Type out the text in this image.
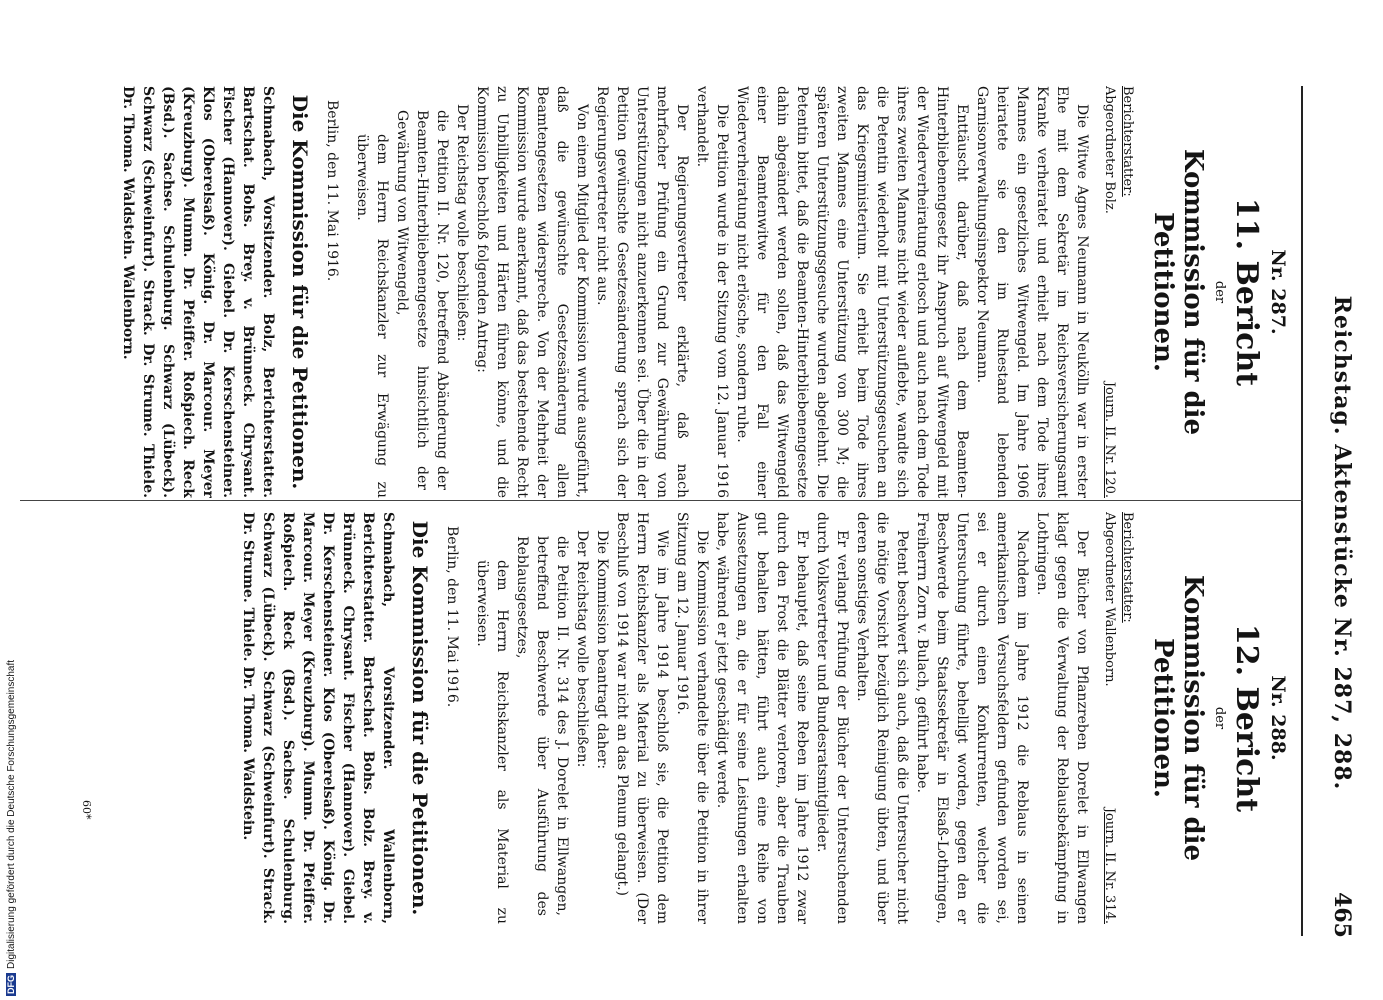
DFG
Digitalisierung gefördert durch die Deutsche Forschungsgemeinschaft
Reichstag. Aktenstücke Nr. 287, 288.
465
Nr. 287.
11. Bericht
der
Kommission für die Petitionen.
Berichterstatter:
Abgeordneter Bolz.
Journ. II. Nr. 120.

Die Witwe Agnes Neumann in Neukölln war in erster Ehe mit dem Sekretär im Reichsversicherungsamt Kranke verheiratet und erhielt nach dem Tode ihres Mannes ein gesetzliches Witwengeld. Im Jahre 1906 heiratete sie den im Ruhestand lebenden Garnisonverwaltungsinspektor Neumann.

Enttäuscht darüber, daß nach dem Beamten-Hinterbliebenengesetz ihr Anspruch auf Witwengeld mit der Wiederverheiratung erlosch und auch nach dem Tode ihres zweiten Mannes nicht wieder auflebte, wandte sich die Petentin wiederholt mit Unterstützungsgesuchen an das Kriegsministerium. Sie erhielt beim Tode ihres zweiten Mannes eine Unterstützung von 300 M; die späteren Unterstützungsgesuche wurden abgelehnt. Die Petentin bittet, daß die Beamten-Hinterbliebenengesetze dahin abgeändert werden sollen, daß das Witwengeld einer Beamtenwitwe für den Fall einer Wiederverheiratung nicht erlösche, sondern ruhe.

Die Petition wurde in der Sitzung vom 12. Januar 1916 verhandelt.

Der Regierungsvertreter erklärte, daß nach mehrfacher Prüfung ein Grund zur Gewährung von Unterstützungen nicht anzuerkennen sei. Über die in der Petition gewünschte Gesetzesänderung sprach sich der Regierungsvertreter nicht aus.

Von einem Mitglied der Kommission wurde ausgeführt, daß die gewünschte Gesetzesänderung allen Beamtengesetzen widerspreche. Von der Mehrheit der Kommission wurde anerkannt, daß das bestehende Recht zu Unbilligkeiten und Härten führen könne, und die Kommission beschloß folgenden Antrag:

Der Reichstag wolle beschließen:

die Petition II. Nr. 120, betreffend Abänderung der Beamten-Hinterbliebenengesetze hinsichtlich der Gewährung von Witwengeld,

dem Herrn Reichskanzler zur Erwägung zu überweisen.

Berlin, den 11. Mai 1916.
Die Kommission für die Petitionen.
Schmabach, Vorsitzender. Bolz, Berichterstatter. Bartschat. Bohs. Brey. v. Brünneck. Chrysant. Fischer (Hannover). Giebel. Dr. Kerschensteiner. Klos (Oberelsaß). König. Dr. Marcour. Meyer (Kreuzburg). Mumm. Dr. Pfeiffer. Roßpiech. Reck (Bsd.). Sachse. Schulenburg. Schwarz (Lübeck). Schwarz (Schweinfurt). Strack. Dr. Strume. Thiele. Dr. Thoma. Waldstein. Wallenborn.
Nr. 288.
12. Bericht
der
Kommission für die Petitionen.
Berichterstatter:
Abgeordneter Wallenborn.
Journ. II. Nr. 314.

Der Bücher von Pflanzreben Dorelet in Ellwangen klagt gegen die Verwaltung der Reblausbekämpfung in Lothringen.

Nachdem im Jahre 1912 die Reblaus in seinen amerikanischen Versuchsfeldern gefunden worden sei, sei er durch einen Konkurrenten, welcher die Untersuchung führte, behelligt worden, gegen den er Beschwerde beim Staatssekretär in Elsaß-Lothringen, Freiherrn Zorn v. Bulach, geführt habe.

Petent beschwert sich auch, daß die Untersucher nicht die nötige Vorsicht bezüglich Reinigung übten, und über deren sonstiges Verhalten.

Er verlangt Prüfung der Bücher der Untersuchenden durch Volksvertreter und Bundesratsmitglieder.

Er behauptet, daß seine Reben im Jahre 1912 zwar durch den Frost die Blätter verloren, aber die Trauben gut behalten hätten, führt auch eine Reihe von Aussetzungen an, die er für seine Leistungen erhalten habe, während er jetzt geschädigt werde.

Die Kommission verhandelte über die Petition in ihrer Sitzung am 12. Januar 1916.

Wie im Jahre 1914 beschloß sie, die Petition dem Herrn Reichskanzler als Material zu überweisen. (Der Beschluß von 1914 war nicht an das Plenum gelangt.)

Die Kommission beantragt daher:

Der Reichstag wolle beschließen:

die Petition II. Nr. 314 des J. Dorelet in Ellwangen, betreffend Beschwerde über Ausführung des Reblausgesetzes,

dem Herrn Reichskanzler als Material zu überweisen.

Berlin, den 11. Mai 1916.
Die Kommission für die Petitionen.
Schmabach, Vorsitzender. Wallenborn, Berichterstatter. Bartschat. Bohs. Bolz. Brey. v. Brünneck. Chrysant. Fischer (Hannover). Giebel. Dr. Kerschensteiner. Klos (Oberelsaß). König. Dr. Marcour. Meyer (Kreuzburg). Mumm. Dr. Pfeiffer. Roßpiech. Reck (Bsd.). Sachse. Schulenburg. Schwarz (Lübeck). Schwarz (Schweinfurt). Strack. Dr. Strume. Thiele. Dr. Thoma. Waldstein.
60*
